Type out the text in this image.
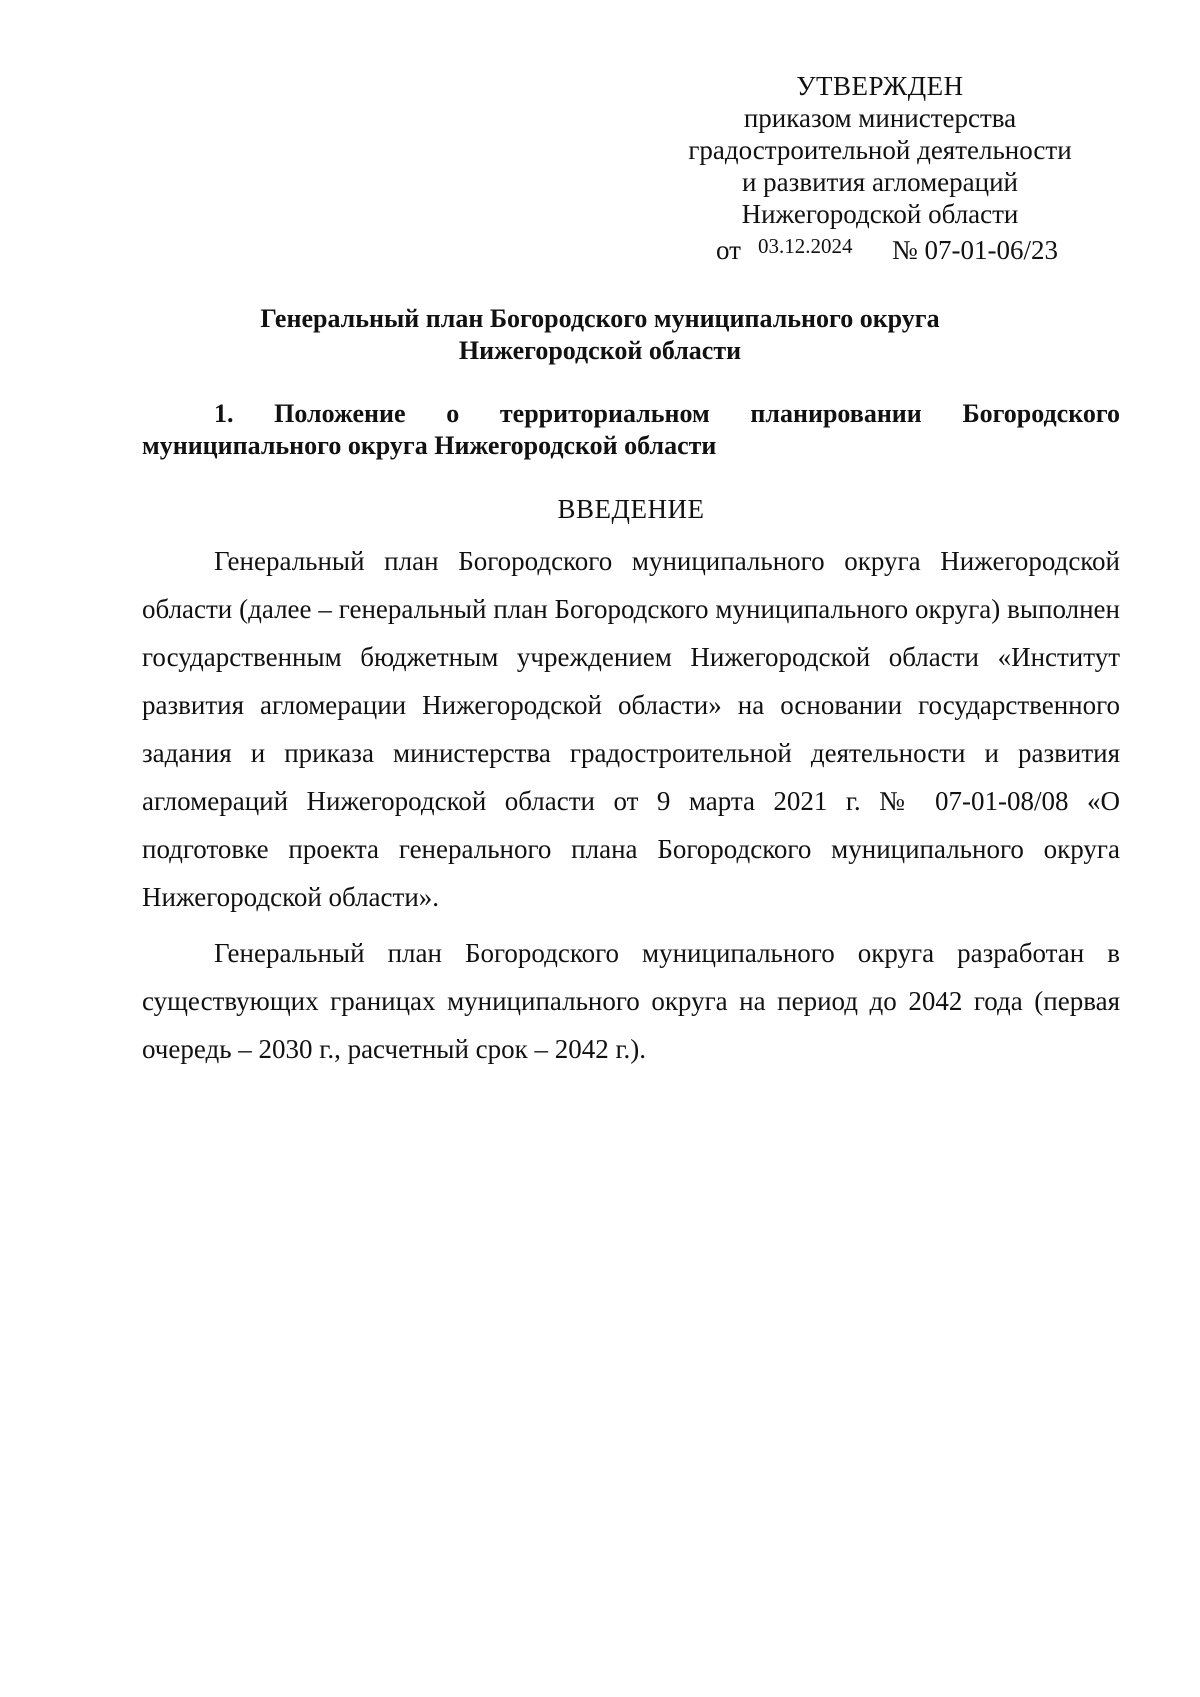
УТВЕРЖДЕН
приказом министерства
градостроительной деятельности
и развития агломераций
Нижегородской области
от 03.12.2024 № 07-01-06/23
Генеральный план Богородского муниципального округа
Нижегородской области
1. Положение о территориальном планировании Богородского муниципального округа Нижегородской области
ВВЕДЕНИЕ

Генеральный план Богородского муниципального округа Нижегородской области (далее – генеральный план Богородского муниципального округа) выполнен государственным бюджетным учреждением Нижегородской области «Институт развития агломерации Нижегородской области» на основании государственного задания и приказа министерства градостроительной деятельности и развития агломераций Нижегородской области от 9 марта 2021 г. № 07-01-08/08 «О подготовке проекта генерального плана Богородского муниципального округа Нижегородской области».

Генеральный план Богородского муниципального округа разработан в существующих границах муниципального округа на период до 2042 года (первая очередь – 2030 г., расчетный срок – 2042 г.).
